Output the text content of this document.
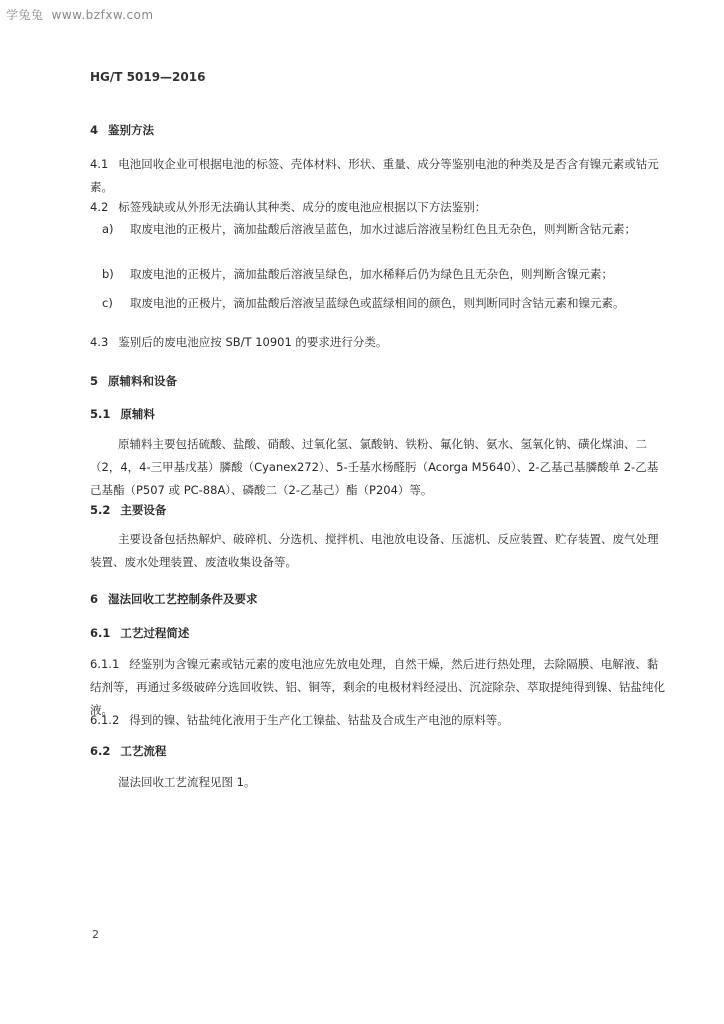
学兔兔 www.bzfxw.com
HG/T 5019—2016
4 鉴别方法

4.1 电池回收企业可根据电池的标签、壳体材料、形状、重量、成分等鉴别电池的种类及是否含有镍元素或钴元素。

4.2 标签残缺或从外形无法确认其种类、成分的废电池应根据以下方法鉴别：

a)	取废电池的正极片，滴加盐酸后溶液呈蓝色，加水过滤后溶液呈粉红色且无杂色，则判断含钴元素；
b)	取废电池的正极片，滴加盐酸后溶液呈绿色，加水稀释后仍为绿色且无杂色，则判断含镍元素；
c)	取废电池的正极片，滴加盐酸后溶液呈蓝绿色或蓝绿相间的颜色，则判断同时含钴元素和镍元素。

4.3 鉴别后的废电池应按 SB/T 10901 的要求进行分类。

5 原辅料和设备
5.1 原辅料

原辅料主要包括硫酸、盐酸、硝酸、过氧化氢、氯酸钠、铁粉、氟化钠、氨水、氢氧化钠、磺化煤油、二（2，4，4-三甲基戊基）膦酸（Cyanex272）、5-壬基水杨醛肟（Acorga M5640）、2-乙基己基膦酸单 2-乙基己基酯（P507 或 PC-88A）、磷酸二（2-乙基己）酯（P204）等。

5.2 主要设备

主要设备包括热解炉、破碎机、分选机、搅拌机、电池放电设备、压滤机、反应装置、贮存装置、废气处理装置、废水处理装置、废渣收集设备等。

6 湿法回收工艺控制条件及要求
6.1 工艺过程简述

6.1.1 经鉴别为含镍元素或钴元素的废电池应先放电处理，自然干燥，然后进行热处理，去除隔膜、电解液、黏结剂等，再通过多级破碎分选回收铁、铝、铜等，剩余的电极材料经浸出、沉淀除杂、萃取提纯得到镍、钴盐纯化液。

6.1.2 得到的镍、钴盐纯化液用于生产化工镍盐、钴盐及合成生产电池的原料等。

6.2 工艺流程

湿法回收工艺流程见图 1。

2
